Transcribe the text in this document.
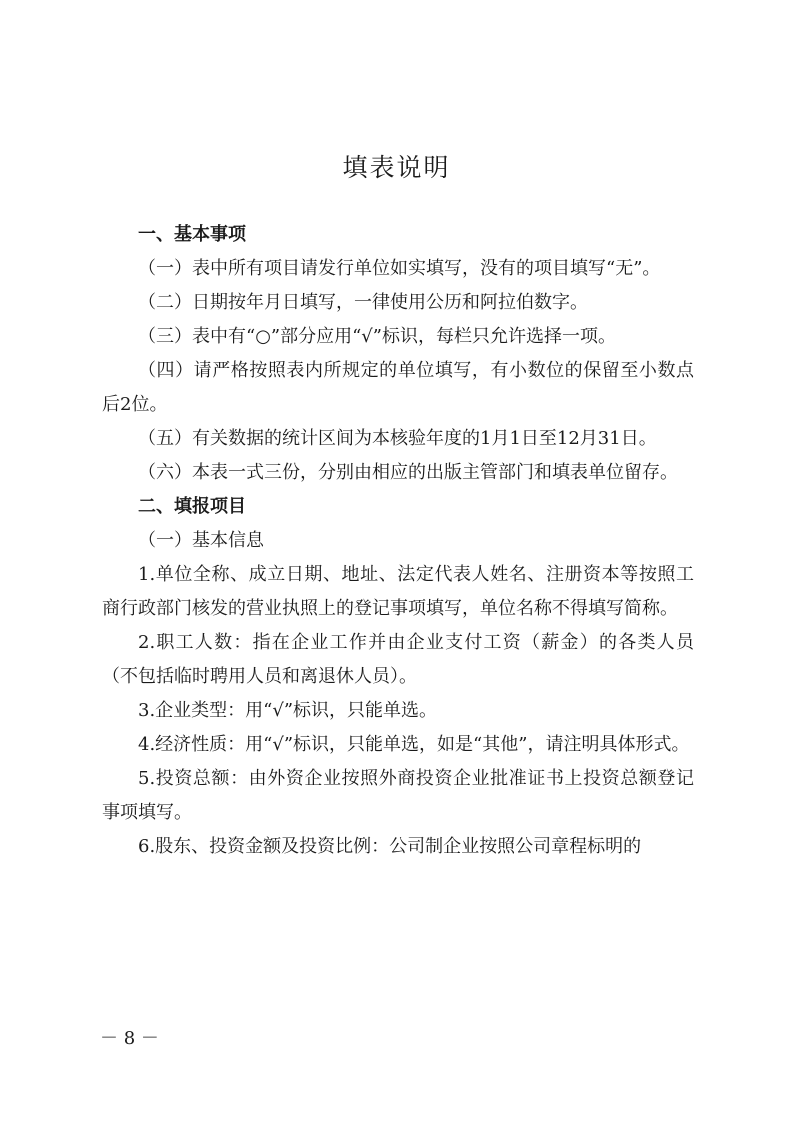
填表说明

一、基本事项

（一）表中所有项目请发行单位如实填写，没有的项目填写“无”。

（二）日期按年月日填写，一律使用公历和阿拉伯数字。

（三）表中有“○”部分应用“√”标识，每栏只允许选择一项。

（四）请严格按照表内所规定的单位填写，有小数位的保留至小数点后2位。

（五）有关数据的统计区间为本核验年度的1月1日至12月31日。

（六）本表一式三份，分别由相应的出版主管部门和填表单位留存。

二、填报项目

（一）基本信息

1.单位全称、成立日期、地址、法定代表人姓名、注册资本等按照工商行政部门核发的营业执照上的登记事项填写，单位名称不得填写简称。

2.职工人数：指在企业工作并由企业支付工资（薪金）的各类人员（不包括临时聘用人员和离退休人员）。

3.企业类型：用“√”标识，只能单选。

4.经济性质：用“√”标识，只能单选，如是“其他”，请注明具体形式。

5.投资总额：由外资企业按照外商投资企业批准证书上投资总额登记事项填写。

6.股东、投资金额及投资比例：公司制企业按照公司章程标明的

－ 8 －
